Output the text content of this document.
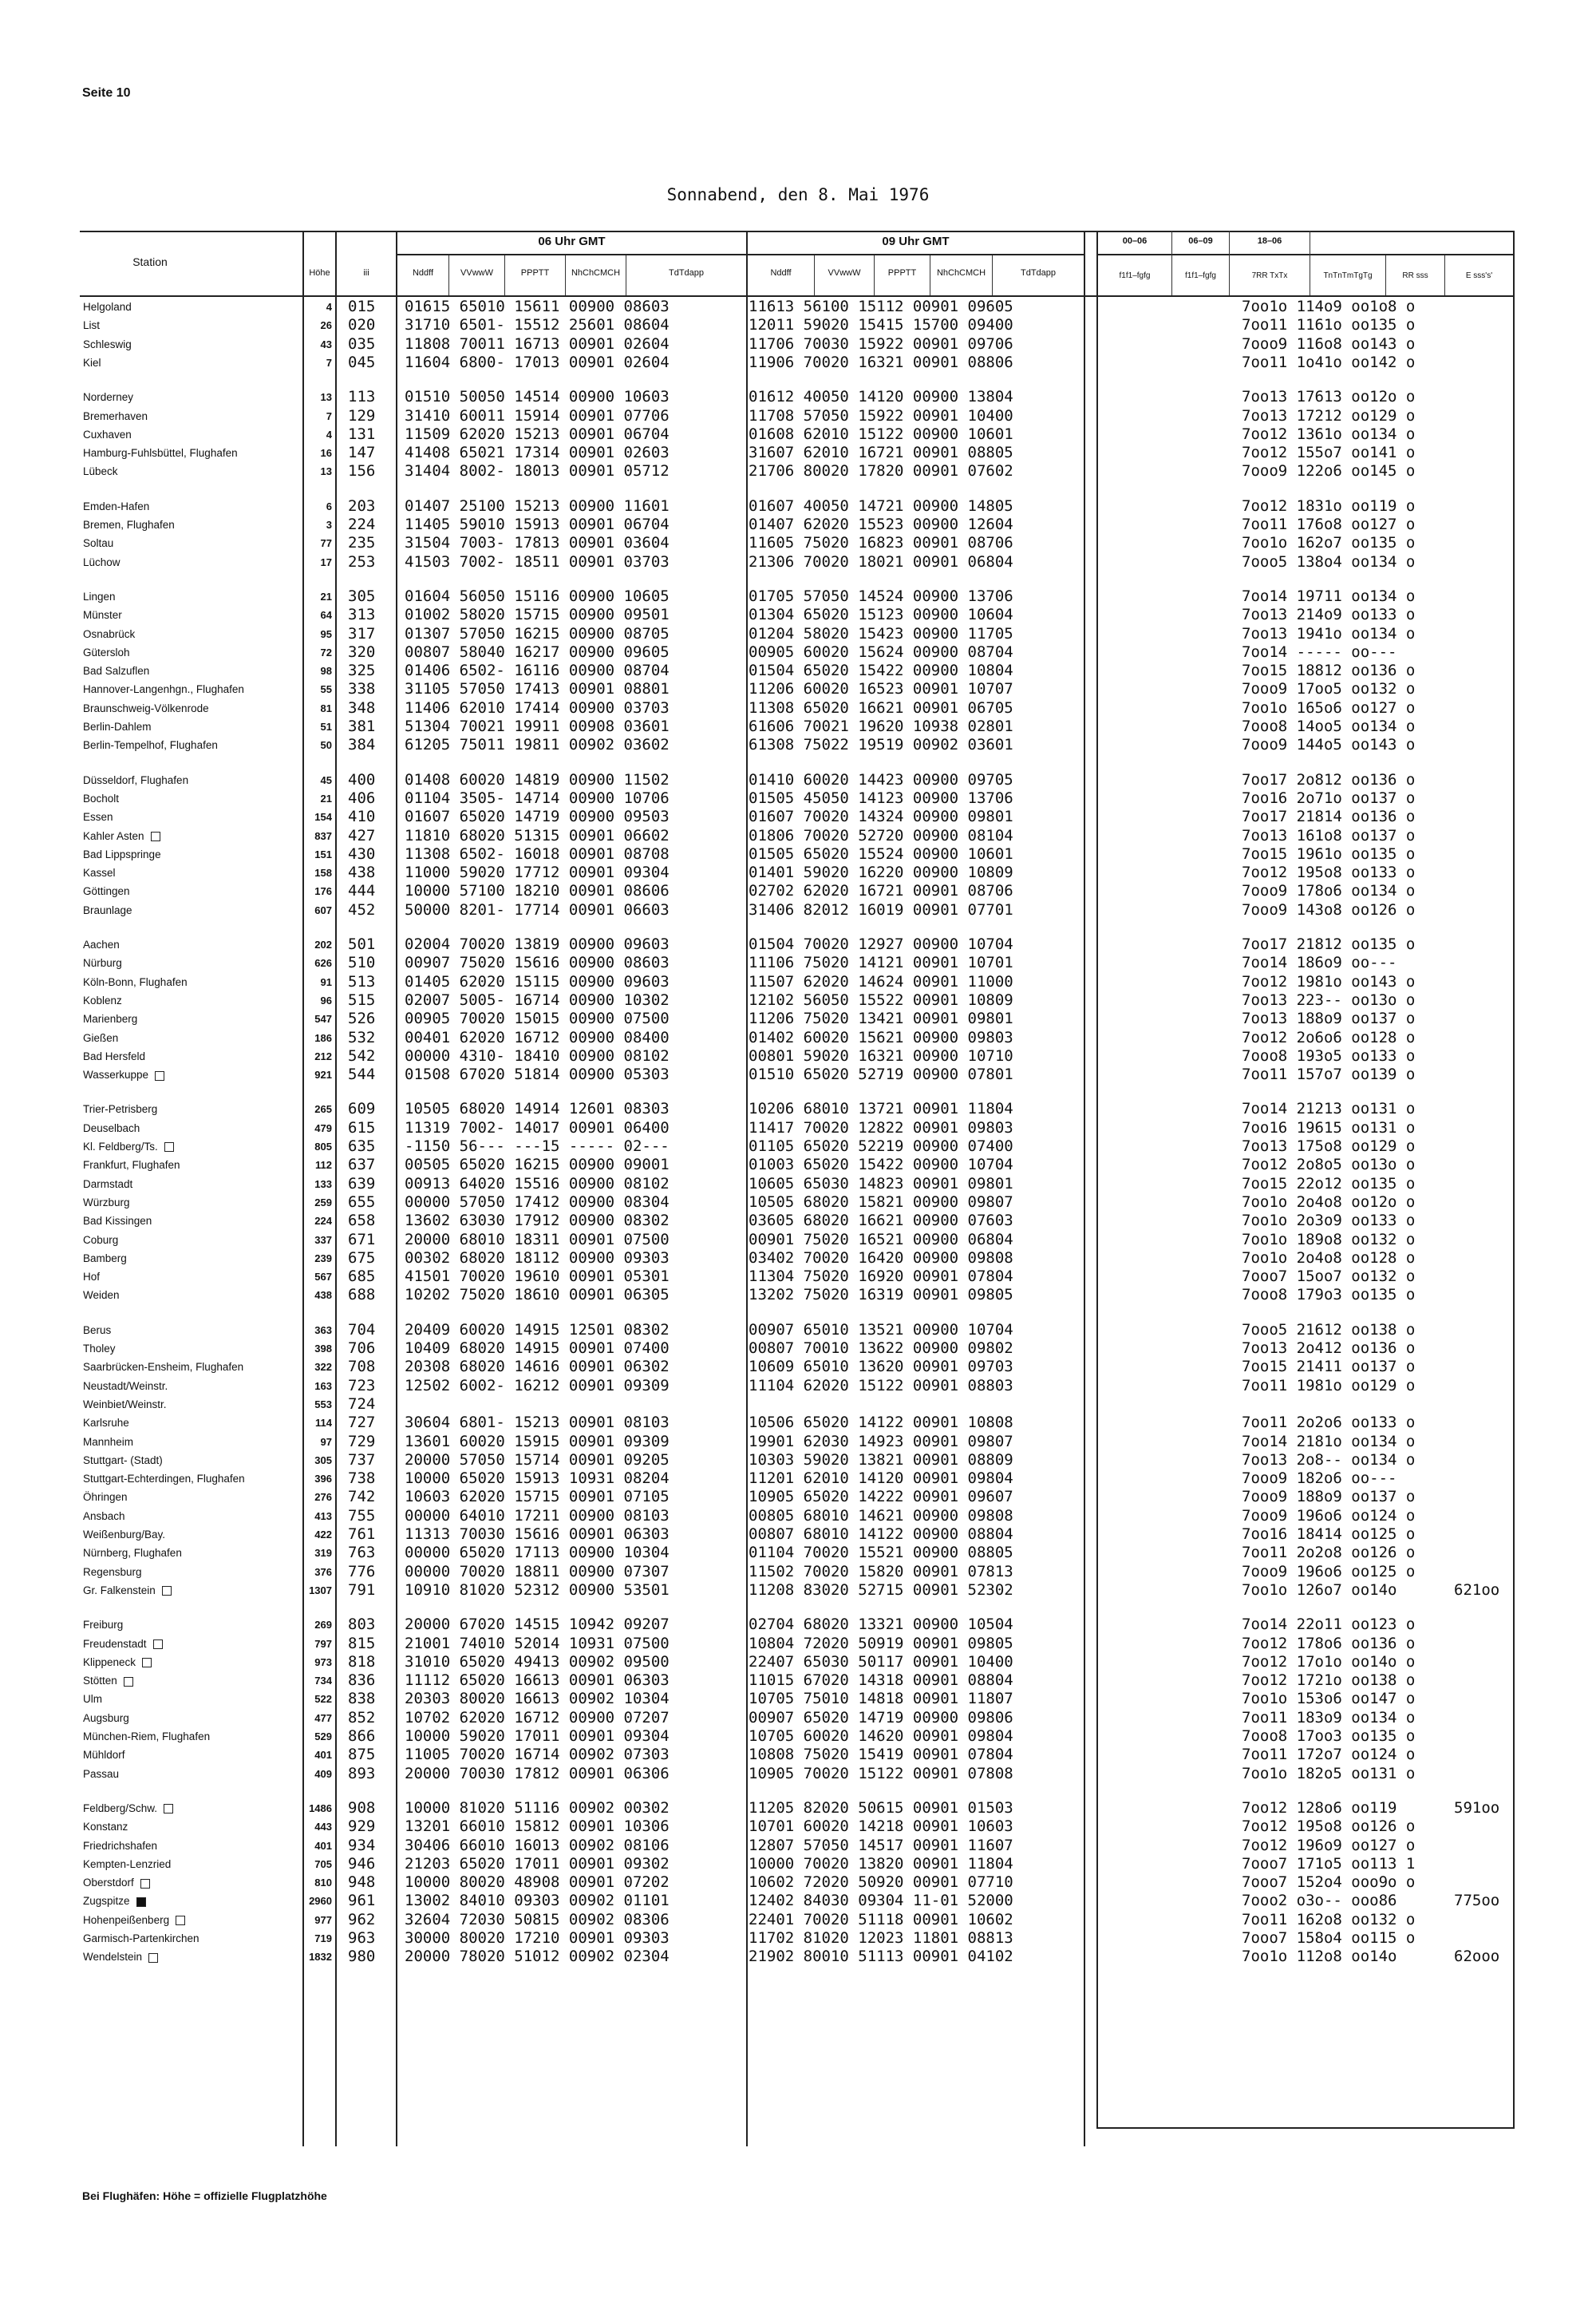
Seite 10
Sonnabend, den 8. Mai 1976
Station
Höhe	iii
06 Uhr GMT	09 Uhr GMT
Nddff	VVwwW	PPPTT	NhChCMCH	TdTdapp	Nddff	VVwwW	PPPTT	NhChCMCH	TdTdapp
00–06	06–09	18–06
f1f1–fgfg	f1f1–fgfg	7RR TxTx	TnTnTmTgTg	RR sss	E sss's'
Helgoland	4 015 01615 65010 15611 00900 08603	11613 56100 15112 00901 09605	7oo1o 114o9 oo1o8 o
List	26 020 31710 6501- 15512 25601 08604	12011 59020 15415 15700 09400	7oo11 1161o oo135 o
Schleswig	43 035 11808 70011 16713 00901 02604	11706 70030 15922 00901 09706	7ooo9 116o8 oo143 o
Kiel	7 045 11604 6800- 17013 00901 02604	11906 70020 16321 00901 08806	7oo11 1o41o oo142 o
Norderney	13 113 01510 50050 14514 00900 10603	01612 40050 14120 00900 13804	7oo13 17613 oo12o o
Bremerhaven	7 129 31410 60011 15914 00901 07706	11708 57050 15922 00901 10400	7oo13 17212 oo129 o
Cuxhaven	4 131 11509 62020 15213 00901 06704	01608 62010 15122 00900 10601	7oo12 1361o oo134 o
Hamburg-Fuhlsbüttel, Flughafen	16 147 41408 65021 17314 00901 02603	31607 62010 16721 00901 08805	7oo12 155o7 oo141 o
Lübeck	13 156 31404 8002- 18013 00901 05712	21706 80020 17820 00901 07602	7ooo9 122o6 oo145 o
Emden-Hafen	6 203 01407 25100 15213 00900 11601	01607 40050 14721 00900 14805	7oo12 1831o oo119 o
Bremen, Flughafen	3 224 11405 59010 15913 00901 06704	01407 62020 15523 00900 12604	7oo11 176o8 oo127 o
Soltau	77 235 31504 7003- 17813 00901 03604	11605 75020 16823 00901 08706	7oo1o 162o7 oo135 o
Lüchow	17 253 41503 7002- 18511 00901 03703	21306 70020 18021 00901 06804	7ooo5 138o4 oo134 o
Lingen	21 305 01604 56050 15116 00900 10605	01705 57050 14524 00900 13706	7oo14 19711 oo134 o
Münster	64 313 01002 58020 15715 00900 09501	01304 65020 15123 00900 10604	7oo13 214o9 oo133 o
Osnabrück	95 317 01307 57050 16215 00900 08705	01204 58020 15423 00900 11705	7oo13 1941o oo134 o
Gütersloh	72 320 00807 58040 16217 00900 09605	00905 60020 15624 00900 08704	7oo14 ----- oo---
Bad Salzuflen	98 325 01406 6502- 16116 00900 08704	01504 65020 15422 00900 10804	7oo15 18812 oo136 o
Hannover-Langenhgn., Flughafen	55 338 31105 57050 17413 00901 08801	11206 60020 16523 00901 10707	7ooo9 17oo5 oo132 o
Braunschweig-Völkenrode	81 348 11406 62010 17414 00900 03703	11308 65020 16621 00901 06705	7oo1o 165o6 oo127 o
Berlin-Dahlem	51 381 51304 70021 19911 00908 03601	61606 70021 19620 10938 02801	7ooo8 14oo5 oo134 o
Berlin-Tempelhof, Flughafen	50 384 61205 75011 19811 00902 03602	61308 75022 19519 00902 03601	7ooo9 144o5 oo143 o
Düsseldorf, Flughafen	45 400 01408 60020 14819 00900 11502	01410 60020 14423 00900 09705	7oo17 2o812 oo136 o
Bocholt	21 406 01104 3505- 14714 00900 10706	01505 45050 14123 00900 13706	7oo16 2o71o oo137 o
Essen	154 410 01607 65020 14719 00900 09503	01607 70020 14324 00900 09801	7oo17 21814 oo136 o
Kahler Asten	837 427 11810 68020 51315 00901 06602	01806 70020 52720 00900 08104	7oo13 161o8 oo137 o
Bad Lippspringe	151 430 11308 6502- 16018 00901 08708	01505 65020 15524 00900 10601	7oo15 1961o oo135 o
Kassel	158 438 11000 59020 17712 00901 09304	01401 59020 16220 00900 10809	7oo12 195o8 oo133 o
Göttingen	176 444 10000 57100 18210 00901 08606	02702 62020 16721 00901 08706	7ooo9 178o6 oo134 o
Braunlage	607 452 50000 8201- 17714 00901 06603	31406 82012 16019 00901 07701	7ooo9 143o8 oo126 o
Aachen	202 501 02004 70020 13819 00900 09603	01504 70020 12927 00900 10704	7oo17 21812 oo135 o
Nürburg	626 510 00907 75020 15616 00900 08603	11106 75020 14121 00901 10701	7oo14 186o9 oo---
Köln-Bonn, Flughafen	91 513 01405 62020 15115 00900 09603	11507 62020 14624 00901 11000	7oo12 1981o oo143 o
Koblenz	96 515 02007 5005- 16714 00900 10302	12102 56050 15522 00901 10809	7oo13 223-- oo13o o
Marienberg	547 526 00905 70020 15015 00900 07500	11206 75020 13421 00901 09801	7oo13 188o9 oo137 o
Gießen	186 532 00401 62020 16712 00900 08400	01402 60020 15621 00900 09803	7oo12 2o6o6 oo128 o
Bad Hersfeld	212 542 00000 4310- 18410 00900 08102	00801 59020 16321 00900 10710	7ooo8 193o5 oo133 o
Wasserkuppe	921 544 01508 67020 51814 00900 05303	01510 65020 52719 00900 07801	7oo11 157o7 oo139 o
Trier-Petrisberg	265 609 10505 68020 14914 12601 08303	10206 68010 13721 00901 11804	7oo14 21213 oo131 o
Deuselbach	479 615 11319 7002- 14017 00901 06400	11417 70020 12822 00901 09803	7oo16 19615 oo131 o
Kl. Feldberg/Ts.	805 635 -1150 56--- ---15 ----- 02---	01105 65020 52219 00900 07400	7oo13 175o8 oo129 o
Frankfurt, Flughafen	112 637 00505 65020 16215 00900 09001	01003 65020 15422 00900 10704	7oo12 2o8o5 oo13o o
Darmstadt	133 639 00913 64020 15516 00900 08102	10605 65030 14823 00901 09801	7oo15 22o12 oo135 o
Würzburg	259 655 00000 57050 17412 00900 08304	10505 68020 15821 00900 09807	7oo1o 2o4o8 oo12o o
Bad Kissingen	224 658 13602 63030 17912 00900 08302	03605 68020 16621 00900 07603	7oo1o 2o3o9 oo133 o
Coburg	337 671 20000 68010 18311 00901 07500	00901 75020 16521 00900 06804	7oo1o 189o8 oo132 o
Bamberg	239 675 00302 68020 18112 00900 09303	03402 70020 16420 00900 09808	7oo1o 2o4o8 oo128 o
Hof	567 685 41501 70020 19610 00901 05301	11304 75020 16920 00901 07804	7ooo7 15oo7 oo132 o
Weiden	438 688 10202 75020 18610 00901 06305	13202 75020 16319 00901 09805	7ooo8 179o3 oo135 o
Berus	363 704 20409 60020 14915 12501 08302	00907 65010 13521 00900 10704	7ooo5 21612 oo138 o
Tholey	398 706 10409 68020 14915 00901 07400	00807 70010 13622 00900 09802	7oo13 2o412 oo136 o
Saarbrücken-Ensheim, Flughafen	322 708 20308 68020 14616 00901 06302	10609 65010 13620 00901 09703	7oo15 21411 oo137 o
Neustadt/Weinstr.	163 723 12502 6002- 16212 00901 09309	11104 62020 15122 00901 08803	7oo11 1981o oo129 o
Weinbiet/Weinstr.	553 724
Karlsruhe	114 727 30604 6801- 15213 00901 08103	10506 65020 14122 00901 10808	7oo11 2o2o6 oo133 o
Mannheim	97 729 13601 60020 15915 00901 09309	19901 62030 14923 00901 09807	7oo14 2181o oo134 o
Stuttgart- (Stadt)	305 737 20000 57050 15714 00901 09205	10303 59020 13821 00901 08809	7oo13 2o8-- oo134 o
Stuttgart-Echterdingen, Flughafen	396 738 10000 65020 15913 10931 08204	11201 62010 14120 00901 09804	7ooo9 182o6 oo---
Öhringen	276 742 10603 62020 15715 00901 07105	10905 65020 14222 00901 09607	7ooo9 188o9 oo137 o
Ansbach	413 755 00000 64010 17211 00900 08103	00805 68010 14621 00900 09808	7ooo9 196o6 oo124 o
Weißenburg/Bay.	422 761 11313 70030 15616 00901 06303	00807 68010 14122 00900 08804	7oo16 18414 oo125 o
Nürnberg, Flughafen	319 763 00000 65020 17113 00900 10304	01104 70020 15521 00900 08805	7oo11 2o2o8 oo126 o
Regensburg	376 776 00000 70020 18811 00900 07307	11502 70020 15820 00901 07813	7ooo9 196o6 oo125 o
Gr. Falkenstein	1307 791 10910 81020 52312 00900 53501	11208 83020 52715 00901 52302	7oo1o 126o7 oo14o	621oo
Freiburg	269 803 20000 67020 14515 10942 09207	02704 68020 13321 00900 10504	7oo14 22o11 oo123 o
Freudenstadt	797 815 21001 74010 52014 10931 07500	10804 72020 50919 00901 09805	7oo12 178o6 oo136 o
Klippeneck	973 818 31010 65020 49413 00902 09500	22407 65030 50117 00901 10400	7oo12 17o1o oo14o o
Stötten	734 836 11112 65020 16613 00901 06303	11015 67020 14318 00901 08804	7oo12 1721o oo138 o
Ulm	522 838 20303 80020 16613 00902 10304	10705 75010 14818 00901 11807	7oo1o 153o6 oo147 o
Augsburg	477 852 10702 62020 16712 00900 07207	00907 65020 14719 00900 09806	7oo11 183o9 oo134 o
München-Riem, Flughafen	529 866 10000 59020 17011 00901 09304	10705 60020 14620 00901 09804	7ooo8 17oo3 oo135 o
Mühldorf	401 875 11005 70020 16714 00902 07303	10808 75020 15419 00901 07804	7oo11 172o7 oo124 o
Passau	409 893 20000 70030 17812 00901 06306	10905 70020 15122 00901 07808	7oo1o 182o5 oo131 o
Feldberg/Schw.	1486 908 10000 81020 51116 00902 00302	11205 82020 50615 00901 01503	7oo12 128o6 oo119	591oo
Konstanz	443 929 13201 66010 15812 00901 10306	10701 60020 14218 00901 10603	7oo12 195o8 oo126 o
Friedrichshafen	401 934 30406 66010 16013 00902 08106	12807 57050 14517 00901 11607	7oo12 196o9 oo127 o
Kempten-Lenzried	705 946 21203 65020 17011 00901 09302	10000 70020 13820 00901 11804	7ooo7 171o5 oo113 1
Oberstdorf	810 948 10000 80020 48908 00901 07202	10602 72020 50920 00901 07710	7ooo7 152o4 ooo9o o
Zugspitze	2960 961 13002 84010 09303 00902 01101	12402 84030 09304 11-01 52000	7ooo2 o3o-- ooo86	775oo
Hohenpeißenberg	977 962 32604 72030 50815 00902 08306	22401 70020 51118 00901 10602	7oo11 162o8 oo132 o
Garmisch-Partenkirchen	719 963 30000 80020 17210 00901 09303	11702 81020 12023 11801 08813	7ooo7 158o4 oo115 o
Wendelstein	1832 980 20000 78020 51012 00902 02304	21902 80010 51113 00901 04102	7oo1o 112o8 oo14o	62ooo
Bei Flughäfen: Höhe = offizielle Flugplatzhöhe
